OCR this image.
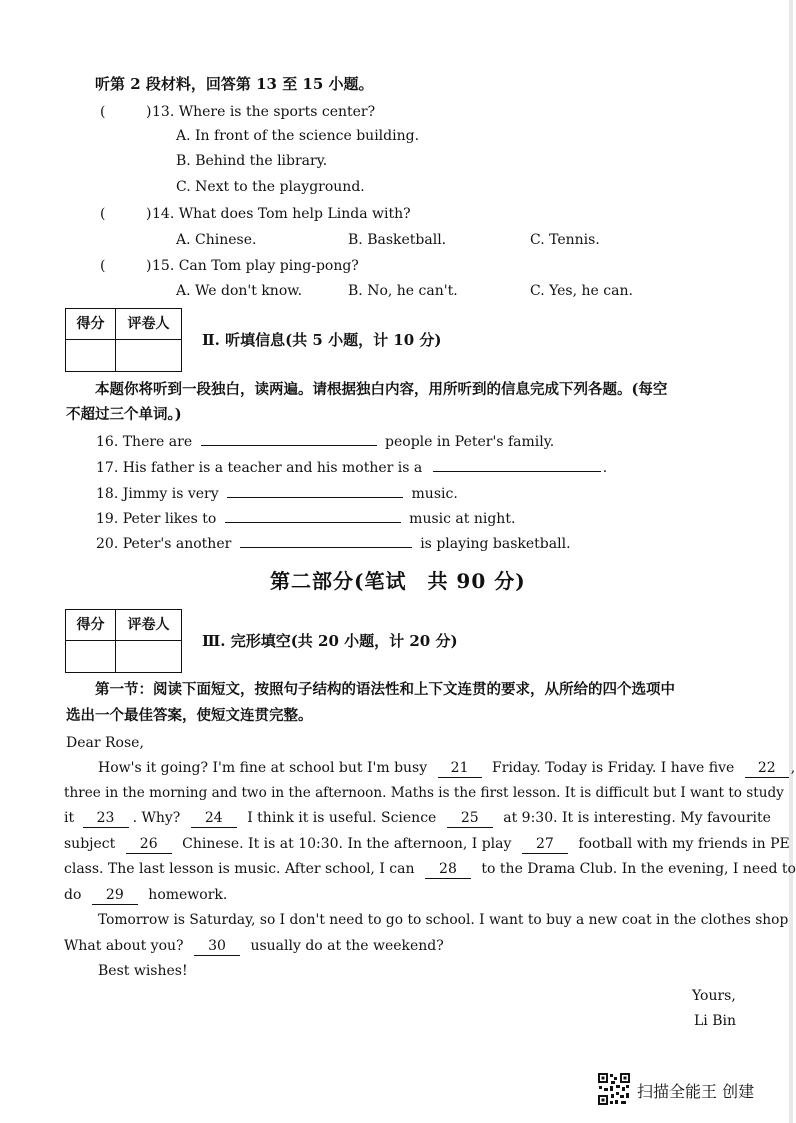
听第 2 段材料，回答第 13 至 15 小题。
(	) 13. Where is the sports center?
A. In front of the science building.
B. Behind the library.
C. Next to the playground.
(	) 14. What does Tom help Linda with?
A. Chinese.	B. Basketball.	C. Tennis.
(	) 15. Can Tom play ping-pong?
A. We don't know.	B. No, he can't.	C. Yes, he can.
得分	评卷人
Ⅱ. 听填信息(共 5 小题，计 10 分)
本题你将听到一段独白，读两遍。请根据独白内容，用所听到的信息完成下列各题。(每空
不超过三个单词。)
16. There are	people in Peter's family.
17. His father is a teacher and his mother is a	.
18. Jimmy is very	music.
19. Peter likes to	music at night.
20. Peter's another	is playing basketball.
第二部分(笔试　共 90 分)
得分	评卷人
Ⅲ. 完形填空(共 20 小题，计 20 分)
第一节：阅读下面短文，按照句子结构的语法性和上下文连贯的要求，从所给的四个选项中
选出一个最佳答案，使短文连贯完整。
Dear Rose,
How's it going? I'm fine at school but I'm busy 21 Friday. Today is Friday. I have five 22 ,
three in the morning and two in the afternoon. Maths is the first lesson. It is difficult but I want to study
it 23 . Why? 24 I think it is useful. Science 25 at 9:30. It is interesting. My favourite
subject 26 Chinese. It is at 10:30. In the afternoon, I play 27 football with my friends in PE
class. The last lesson is music. After school, I can 28 to the Drama Club. In the evening, I need to
do 29 homework.
Tomorrow is Saturday, so I don't need to go to school. I want to buy a new coat in the clothes shop
What about you? 30 usually do at the weekend?
Best wishes!
Yours,
Li Bin
扫描全能王 创建
